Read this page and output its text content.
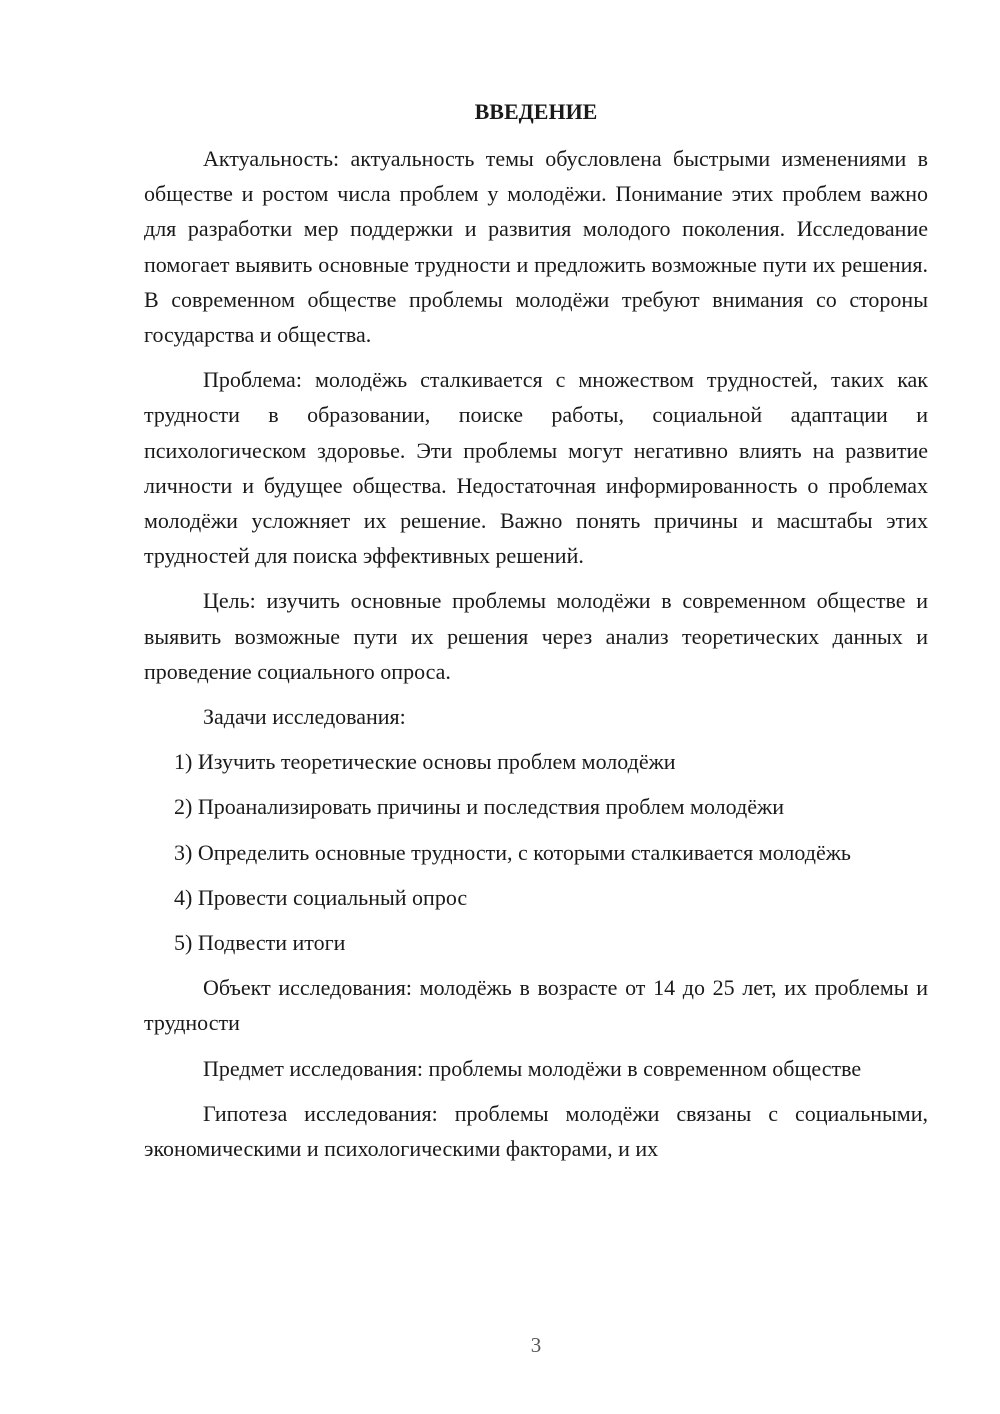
ВВЕДЕНИЕ

Актуальность: актуальность темы обусловлена быстрыми изменениями в обществе и ростом числа проблем у молодёжи. Понимание этих проблем важно для разработки мер поддержки и развития молодого поколения. Исследование помогает выявить основные трудности и предложить возможные пути их решения. В современном обществе проблемы молодёжи требуют внимания со стороны государства и общества.

Проблема: молодёжь сталкивается с множеством трудностей, таких как трудности в образовании, поиске работы, социальной адаптации и психологическом здоровье. Эти проблемы могут негативно влиять на развитие личности и будущее общества. Недостаточная информированность о проблемах молодёжи усложняет их решение. Важно понять причины и масштабы этих трудностей для поиска эффективных решений.

Цель: изучить основные проблемы молодёжи в современном обществе и выявить возможные пути их решения через анализ теоретических данных и проведение социального опроса.

Задачи исследования:

1) Изучить теоретические основы проблем молодёжи

2) Проанализировать причины и последствия проблем молодёжи

3) Определить основные трудности, с которыми сталкивается молодёжь

4) Провести социальный опрос

5) Подвести итоги

Объект исследования: молодёжь в возрасте от 14 до 25 лет, их проблемы и трудности

Предмет исследования: проблемы молодёжи в современном обществе

Гипотеза исследования: проблемы молодёжи связаны с социальными, экономическими и психологическими факторами, и их

3
